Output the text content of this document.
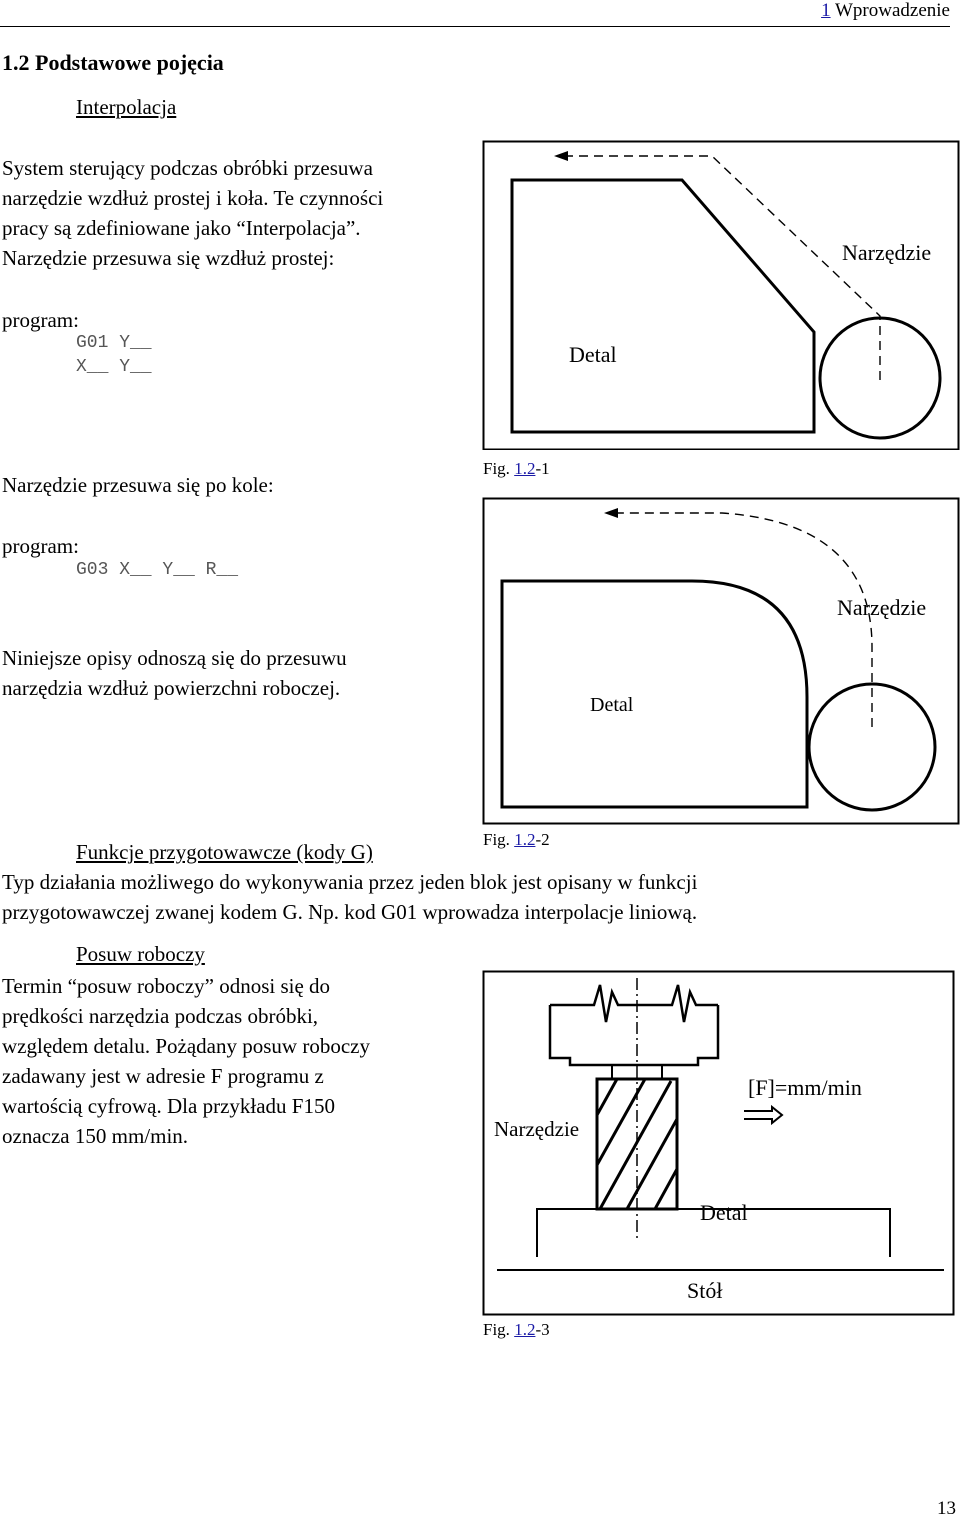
1 Wprowadzenie
1.2 Podstawowe pojęcia
Interpolacja
System sterujący podczas obróbki przesuwa
narzędzie wzdłuż prostej i koła. Te czynności
pracy są zdefiniowane jako “Interpolacja”.
Narzędzie przesuwa się wzdłuż prostej:
program:
G01 Y__
X__ Y__
Narzędzie przesuwa się po kole:
program:
G03 X__ Y__ R__
Niniejsze opisy odnoszą się do przesuwu
narzędzia wzdłuż powierzchni roboczej.
Narzędzie
Detal
Fig. 1.2-1
Narzędzie
Detal
Fig. 1.2-2
Funkcje przygotowawcze (kody G)
Typ działania możliwego do wykonywania przez jeden blok jest opisany w funkcji
przygotowawczej zwanej kodem G. Np. kod G01 wprowadza interpolacje liniową.
Posuw roboczy
Termin “posuw roboczy” odnosi się do
prędkości narzędzia podczas obróbki,
względem detalu. Pożądany posuw roboczy
zadawany jest w adresie F programu z
wartością cyfrową. Dla przykładu F150
oznacza 150 mm/min.
[F]=mm/min
Narzędzie
Detal
Stół
Fig. 1.2-3
13
